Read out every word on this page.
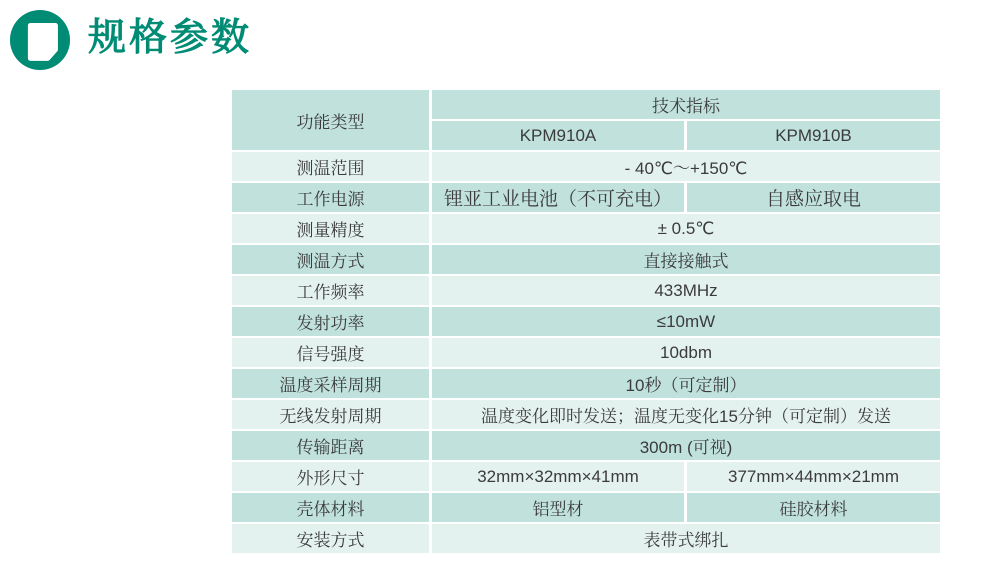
规格参数
功能类型	技术指标	
	KPM910A	KPM910B
测温范围	- 40℃～+150℃	
工作电源	锂亚工业电池（不可充电）	自感应取电
测量精度	± 0.5℃	
测温方式	直接接触式	
工作频率	433MHz	
发射功率	≤10mW	
信号强度	10dbm	
温度采样周期	10秒（可定制）	
无线发射周期	温度变化即时发送；温度无变化15分钟（可定制）发送	
传输距离	300m (可视)	
外形尺寸	32mm×32mm×41mm	377mm×44mm×21mm
壳体材料	铝型材	硅胶材料
安装方式	表带式绑扎	
